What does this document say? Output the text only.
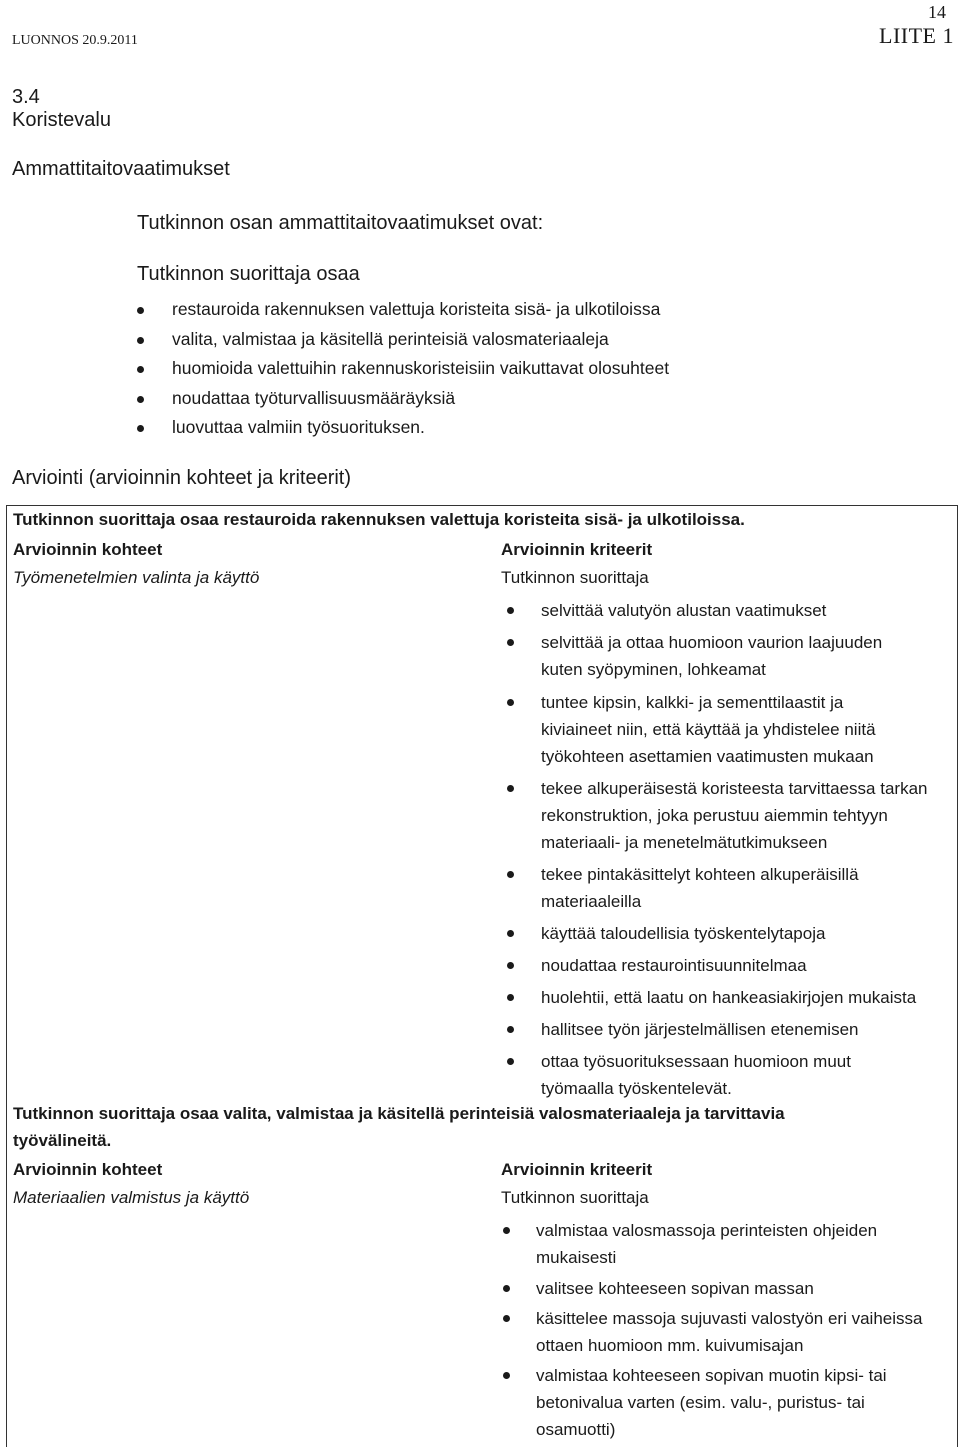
LUONNOS 20.9.2011
14
LIITE 1
3.4
Koristevalu
Ammattitaitovaatimukset
Tutkinnon osan ammattitaitovaatimukset ovat:
Tutkinnon suorittaja osaa
restauroida rakennuksen valettuja koristeita sisä- ja ulkotiloissa
valita, valmistaa ja käsitellä perinteisiä valosmateriaaleja
huomioida valettuihin rakennuskoristeisiin vaikuttavat olosuhteet
noudattaa työturvallisuusmääräyksiä
luovuttaa valmiin työsuorituksen.
Arviointi (arvioinnin kohteet ja kriteerit)
Tutkinnon suorittaja osaa restauroida rakennuksen valettuja koristeita sisä- ja ulkotiloissa.
Arvioinnin kohteet	Arvioinnin kriteerit
Työmenetelmien valinta ja käyttö	Tutkinnon suorittaja
selvittää valutyön alustan vaatimukset
selvittää ja ottaa huomioon vaurion laajuuden
kuten syöpyminen, lohkeamat
tuntee kipsin, kalkki- ja sementtilaastit ja
kiviaineet niin, että käyttää ja yhdistelee niitä
työkohteen asettamien vaatimusten mukaan
tekee alkuperäisestä koristeesta tarvittaessa tarkan
rekonstruktion, joka perustuu aiemmin tehtyyn
materiaali- ja menetelmätutkimukseen
tekee pintakäsittelyt kohteen alkuperäisillä
materiaaleilla
käyttää taloudellisia työskentelytapoja
noudattaa restaurointisuunnitelmaa
huolehtii, että laatu on hankeasiakirjojen mukaista
hallitsee työn järjestelmällisen etenemisen
ottaa työsuorituksessaan huomioon muut
työmaalla työskentelevät.
Tutkinnon suorittaja osaa valita, valmistaa ja käsitellä perinteisiä valosmateriaaleja ja tarvittavia
työvälineitä.
Arvioinnin kohteet	Arvioinnin kriteerit
Materiaalien valmistus ja käyttö	Tutkinnon suorittaja
valmistaa valosmassoja perinteisten ohjeiden
mukaisesti
valitsee kohteeseen sopivan massan
käsittelee massoja sujuvasti valostyön eri vaiheissa
ottaen huomioon mm. kuivumisajan
valmistaa kohteeseen sopivan muotin kipsi- tai
betonivalua varten (esim. valu-, puristus- tai
osamuotti)
